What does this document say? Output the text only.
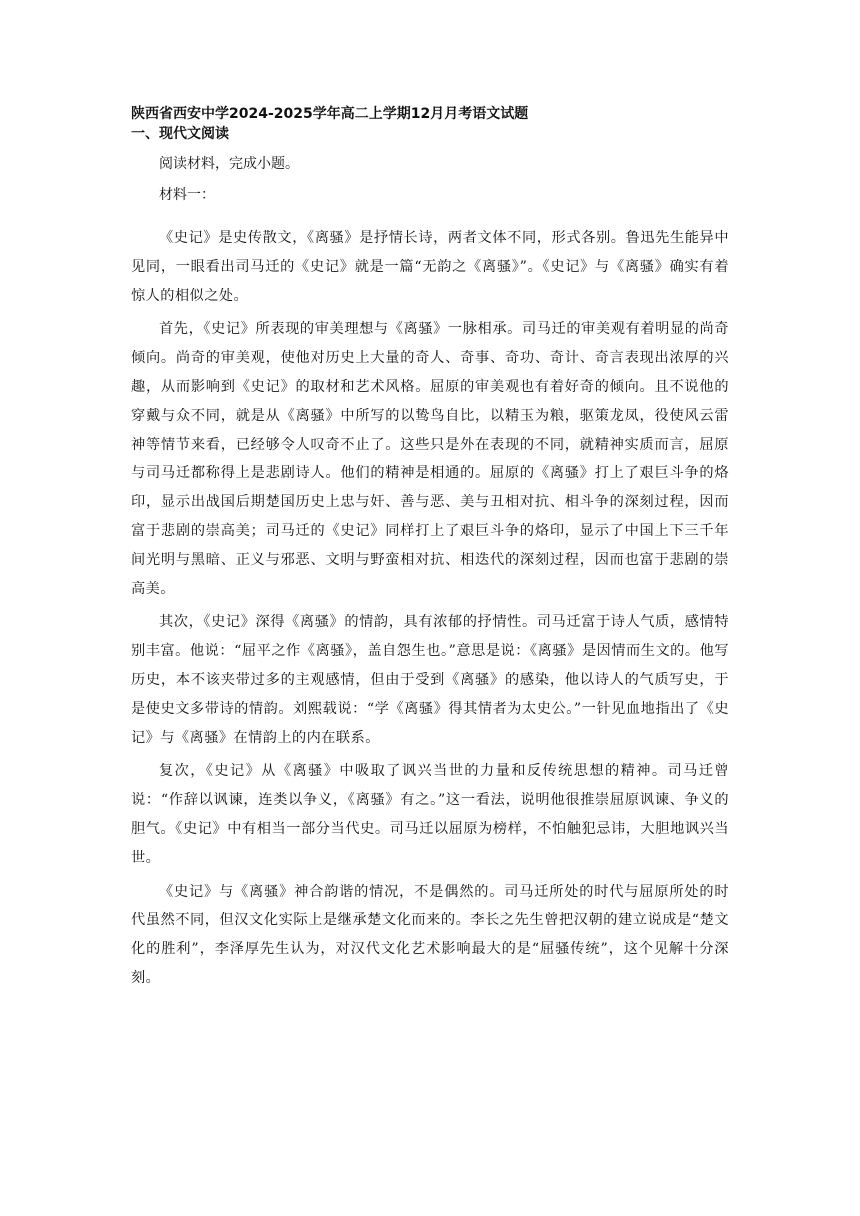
陕西省西安中学2024-2025学年高二上学期12月月考语文试题
一、现代文阅读
阅读材料，完成小题。
材料一：

《史记》是史传散文，《离骚》是抒情长诗，两者文体不同，形式各别。鲁迅先生能异中见同，一眼看出司马迁的《史记》就是一篇“无韵之《离骚》”。《史记》与《离骚》确实有着惊人的相似之处。

首先，《史记》所表现的审美理想与《离骚》一脉相承。司马迁的审美观有着明显的尚奇倾向。尚奇的审美观，使他对历史上大量的奇人、奇事、奇功、奇计、奇言表现出浓厚的兴趣，从而影响到《史记》的取材和艺术风格。屈原的审美观也有着好奇的倾向。且不说他的穿戴与众不同，就是从《离骚》中所写的以鸷鸟自比，以精玉为粮，驱策龙凤，役使风云雷神等情节来看，已经够令人叹奇不止了。这些只是外在表现的不同，就精神实质而言，屈原与司马迁都称得上是悲剧诗人。他们的精神是相通的。屈原的《离骚》打上了艰巨斗争的烙印，显示出战国后期楚国历史上忠与奸、善与恶、美与丑相对抗、相斗争的深刻过程，因而富于悲剧的崇高美；司马迁的《史记》同样打上了艰巨斗争的烙印，显示了中国上下三千年间光明与黑暗、正义与邪恶、文明与野蛮相对抗、相迭代的深刻过程，因而也富于悲剧的崇高美。

其次，《史记》深得《离骚》的情韵，具有浓郁的抒情性。司马迁富于诗人气质，感情特别丰富。他说：“屈平之作《离骚》，盖自怨生也。”意思是说：《离骚》是因情而生文的。他写历史，本不该夹带过多的主观感情，但由于受到《离骚》的感染，他以诗人的气质写史，于是使史文多带诗的情韵。刘熙载说：“学《离骚》得其情者为太史公。”一针见血地指出了《史记》与《离骚》在情韵上的内在联系。

复次，《史记》从《离骚》中吸取了讽兴当世的力量和反传统思想的精神。司马迁曾说：“作辞以讽谏，连类以争义，《离骚》有之。”这一看法，说明他很推崇屈原讽谏、争义的胆气。《史记》中有相当一部分当代史。司马迁以屈原为榜样，不怕触犯忌讳，大胆地讽兴当世。

《史记》与《离骚》神合韵谐的情况，不是偶然的。司马迁所处的时代与屈原所处的时代虽然不同，但汉文化实际上是继承楚文化而来的。李长之先生曾把汉朝的建立说成是“楚文化的胜利”，李泽厚先生认为，对汉代文化艺术影响最大的是“屈骚传统”，这个见解十分深刻。
